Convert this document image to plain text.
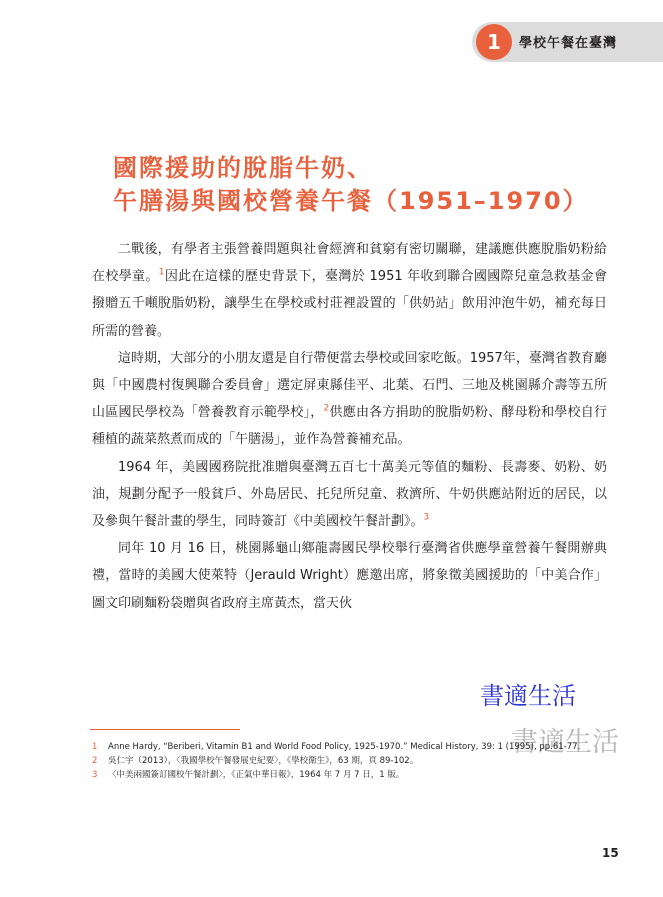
1	學校午餐在臺灣
國際援助的脫脂牛奶、
午膳湯與國校營養午餐（1951–1970）

二戰後，有學者主張營養問題與社會經濟和貧窮有密切關聯，建議應供應脫脂奶粉給在校學童。$^1$因此在這樣的歷史背景下，臺灣於 1951 年收到聯合國國際兒童急救基金會撥贈五千噸脫脂奶粉，讓學生在學校或村莊裡設置的「供奶站」飲用沖泡牛奶，補充每日所需的營養。

這時期，大部分的小朋友還是自行帶便當去學校或回家吃飯。1957年，臺灣省教育廳與「中國農村復興聯合委員會」選定屏東縣佳平、北葉、石門、三地及桃園縣介壽等五所山區國民學校為「營養教育示範學校」，$^2$供應由各方捐助的脫脂奶粉、酵母粉和學校自行種植的蔬菜熬煮而成的「午膳湯」，並作為營養補充品。

1964 年，美國國務院批准贈與臺灣五百七十萬美元等值的麵粉、長壽麥、奶粉、奶油，規劃分配予一般貧戶、外島居民、托兒所兒童、救濟所、牛奶供應站附近的居民，以及參與午餐計畫的學生，同時簽訂《中美國校午餐計劃》。$^3$

同年 10 月 16 日，桃園縣龜山鄉龍壽國民學校舉行臺灣省供應學童營養午餐開辦典禮，當時的美國大使萊特（Jerauld Wright）應邀出席，將象徵美國援助的「中美合作」圖文印刷麵粉袋贈與省政府主席黃杰，當天伙

書適生活
書適生活
1 Anne Hardy, “Beriberi, Vitamin B1 and World Food Policy, 1925-1970.” Medical History, 39: 1 (1995), pp.61-77.
2 吳仁宇（2013），〈我國學校午餐發展史紀要〉，《學校衛生》，63 期，頁 89-102。
3 〈中美兩國簽訂國校午餐計劃〉，《正氣中華日報》，1964 年 7 月 7 日，1 版。
15
